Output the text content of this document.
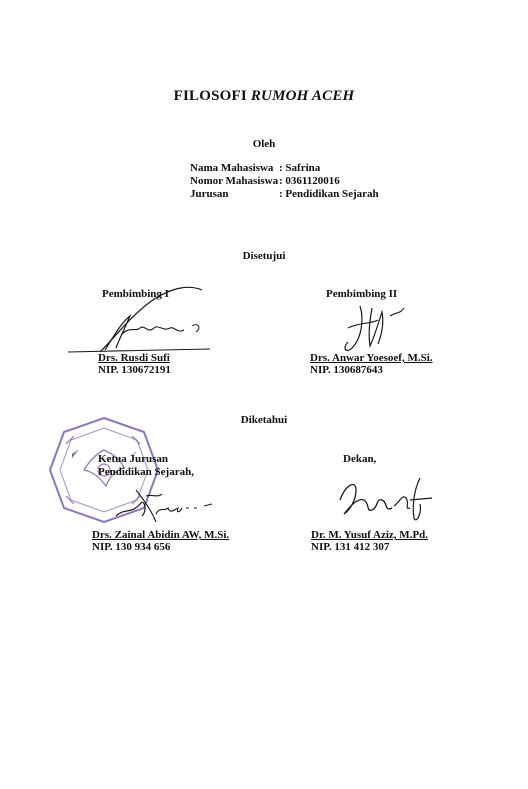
FILOSOFI RUMOH ACEH
Oleh
Nama Mahasiswa : Safrina
Nomor Mahasiswa: 0361120016
Jurusan	: Pendidikan Sejarah
Disetujui
Pembimbing I
Drs. Rusdi Sufi
NIP. 130672191
Pembimbing II
Drs. Anwar Yoesoef, M.Si.
NIP. 130687643
Diketahui
Ketua Jurusan
Pendidikan Sejarah,
Drs. Zainal Abidin AW, M.Si.
NIP. 130 934 656
Dekan,
Dr. M. Yusuf Aziz, M.Pd.
NIP. 131 412 307
